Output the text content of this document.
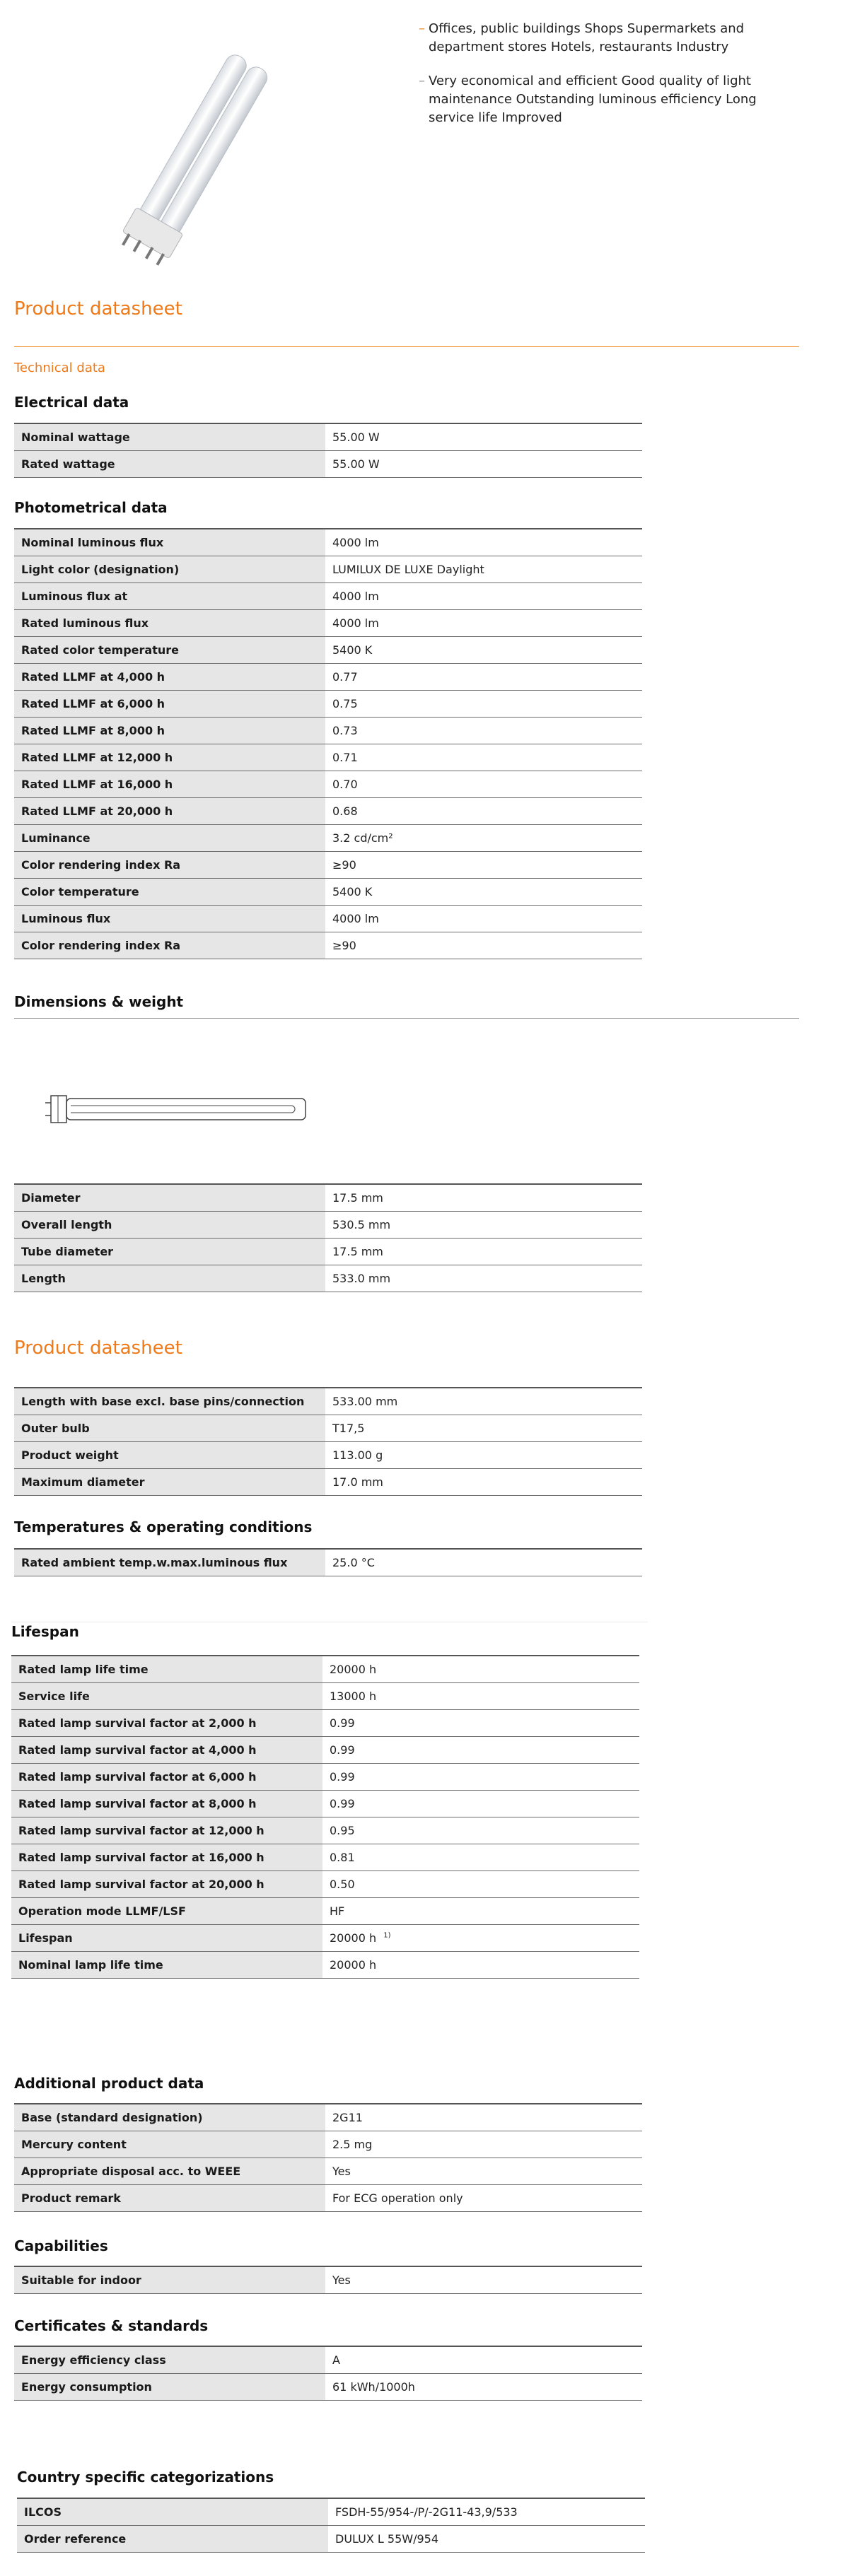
– Offices, public buildings Shops Supermarkets and department stores Hotels, restaurants Industry
– Very economical and efficient Good quality of light maintenance Outstanding luminous efficiency Long service life Improved
Product datasheet
Technical data
Electrical data
Nominal wattage	55.00 W
Rated wattage	55.00 W
Photometrical data
Nominal luminous flux	4000 lm
Light color (designation)	LUMILUX DE LUXE Daylight
Luminous flux at	4000 lm
Rated luminous flux	4000 lm
Rated color temperature	5400 K
Rated LLMF at 4,000 h	0.77
Rated LLMF at 6,000 h	0.75
Rated LLMF at 8,000 h	0.73
Rated LLMF at 12,000 h	0.71
Rated LLMF at 16,000 h	0.70
Rated LLMF at 20,000 h	0.68
Luminance	3.2 cd/cm²
Color rendering index Ra	≥90
Color temperature	5400 K
Luminous flux	4000 lm
Color rendering index Ra	≥90
Dimensions & weight
Diameter	17.5 mm
Overall length	530.5 mm
Tube diameter	17.5 mm
Length	533.0 mm
Product datasheet
Length with base excl. base pins/connection	533.00 mm
Outer bulb	T17,5
Product weight	113.00 g
Maximum diameter	17.0 mm
Temperatures & operating conditions
Rated ambient temp.w.max.luminous flux	25.0 °C
Lifespan
Rated lamp life time	20000 h
Service life	13000 h
Rated lamp survival factor at 2,000 h	0.99
Rated lamp survival factor at 4,000 h	0.99
Rated lamp survival factor at 6,000 h	0.99
Rated lamp survival factor at 8,000 h	0.99
Rated lamp survival factor at 12,000 h	0.95
Rated lamp survival factor at 16,000 h	0.81
Rated lamp survival factor at 20,000 h	0.50
Operation mode LLMF/LSF	HF
Lifespan	20000 h $^{1)}$
Nominal lamp life time	20000 h
Additional product data
Base (standard designation)	2G11
Mercury content	2.5 mg
Appropriate disposal acc. to WEEE	Yes
Product remark	For ECG operation only
Capabilities
Suitable for indoor	Yes
Certificates & standards
Energy efficiency class	A
Energy consumption	61 kWh/1000h
Country specific categorizations
ILCOS	FSDH-55/954-/P/-2G11-43,9/533
Order reference	DULUX L 55W/954
